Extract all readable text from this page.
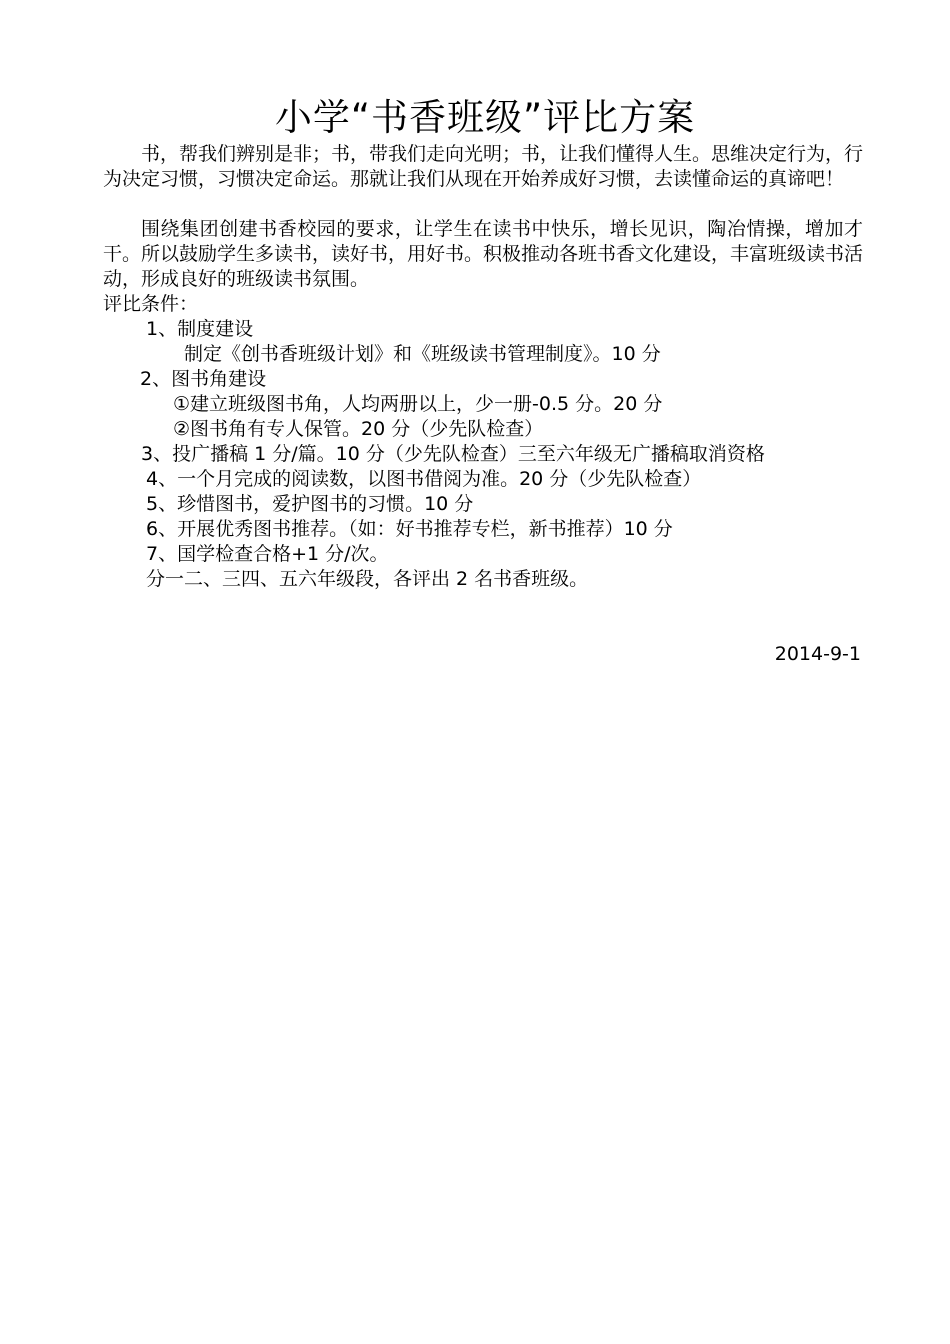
小学“书香班级”评比方案
书，帮我们辨别是非；书，带我们走向光明；书，让我们懂得人生。思维决定行为，行为决定习惯，习惯决定命运。那就让我们从现在开始养成好习惯，去读懂命运的真谛吧！
围绕集团创建书香校园的要求，让学生在读书中快乐，增长见识，陶冶情操，增加才干。所以鼓励学生多读书，读好书，用好书。积极推动各班书香文化建设，丰富班级读书活动，形成良好的班级读书氛围。
评比条件：
1、制度建设
制定《创书香班级计划》和《班级读书管理制度》。10 分
2、图书角建设
①建立班级图书角，人均两册以上，少一册-0.5 分。20 分
②图书角有专人保管。20 分（少先队检查）
3、投广播稿 1 分/篇。10 分（少先队检查）三至六年级无广播稿取消资格
4、一个月完成的阅读数，以图书借阅为准。20 分（少先队检查）
5、珍惜图书，爱护图书的习惯。10 分
6、开展优秀图书推荐。（如：好书推荐专栏，新书推荐）10 分
7、国学检查合格+1 分/次。
分一二、三四、五六年级段，各评出 2 名书香班级。
2014-9-1
